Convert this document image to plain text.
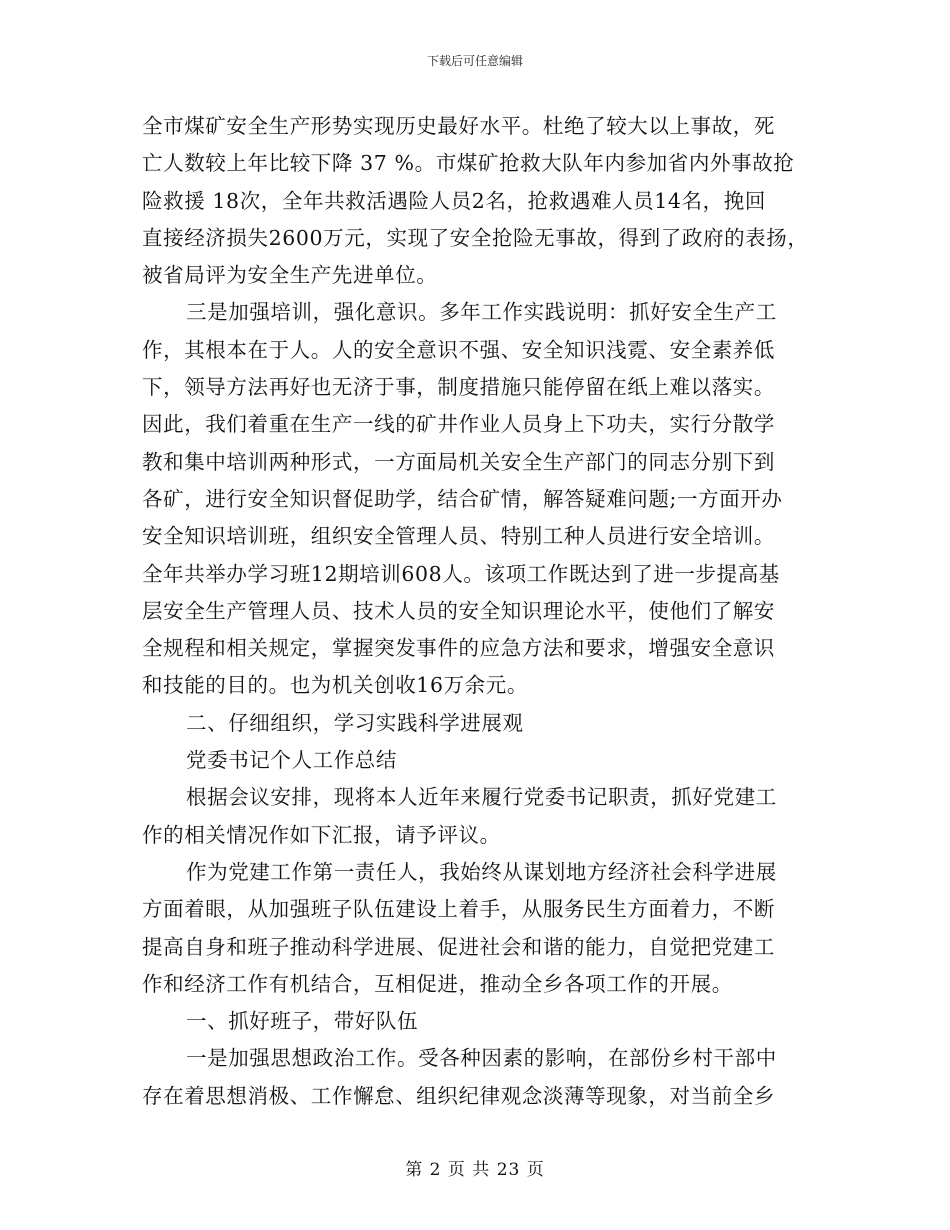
下载后可任意编辑
全市煤矿安全生产形势实现历史最好水平。杜绝了较大以上事故，死
亡人数较上年比较下降 37 %。市煤矿抢救大队年内参加省内外事故抢
险救援 18次，全年共救活遇险人员2名，抢救遇难人员14名，挽回
直接经济损失2600万元，实现了安全抢险无事故，得到了政府的表扬，
被省局评为安全生产先进单位。
三是加强培训，强化意识。多年工作实践说明：抓好安全生产工
作，其根本在于人。人的安全意识不强、安全知识浅霓、安全素养低
下，领导方法再好也无济于事，制度措施只能停留在纸上难以落实。
因此，我们着重在生产一线的矿井作业人员身上下功夫，实行分散学
教和集中培训两种形式，一方面局机关安全生产部门的同志分别下到
各矿，进行安全知识督促助学，结合矿情，解答疑难问题;一方面开办
安全知识培训班，组织安全管理人员、特别工种人员进行安全培训。
全年共举办学习班12期培训608人。该项工作既达到了进一步提高基
层安全生产管理人员、技术人员的安全知识理论水平，使他们了解安
全规程和相关规定，掌握突发事件的应急方法和要求，增强安全意识
和技能的目的。也为机关创收16万余元。
二、仔细组织，学习实践科学进展观
党委书记个人工作总结
根据会议安排，现将本人近年来履行党委书记职责，抓好党建工
作的相关情况作如下汇报，请予评议。
作为党建工作第一责任人，我始终从谋划地方经济社会科学进展
方面着眼，从加强班子队伍建设上着手，从服务民生方面着力，不断
提高自身和班子推动科学进展、促进社会和谐的能力，自觉把党建工
作和经济工作有机结合，互相促进，推动全乡各项工作的开展。
一、抓好班子，带好队伍
一是加强思想政治工作。受各种因素的影响，在部份乡村干部中
存在着思想消极、工作懈怠、组织纪律观念淡薄等现象，对当前全乡
第 2 页 共 23 页
